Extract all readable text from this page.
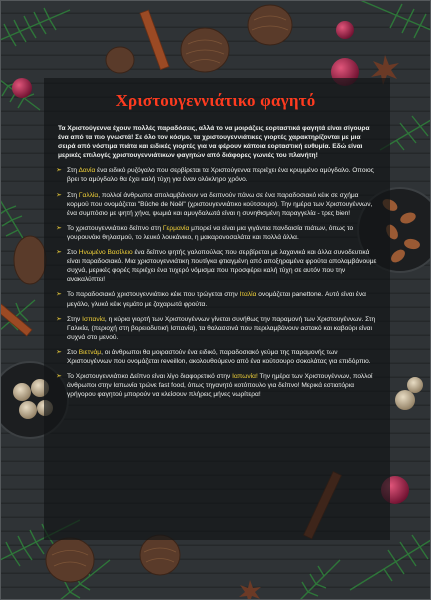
Χριστουγεννιάτικο φαγητό
Τα Χριστούγεννα έχουν πολλές παραδόσεις, αλλά το να μοιράζεις εορταστικά φαγητά είναι σίγουρα ένα από τα πιο γνωστά! Σε όλο τον κόσμο, τα χριστουγεννιάτικες γιορτές χαρακτηρίζονται με μια σειρά από νόστιμα πιάτα και ειδικές γιορτές για να φέρουν κάποια εορταστική ευθυμία. Εδώ είναι μερικές επιλογές χριστουγεννιάτικων φαγητών από διάφορες γωνιές του πλανήτη!
➣ Στη Δανία ένα ειδικό ρυζόγαλο που σερβίρεται τα Χριστούγεννα περιέχει ένα κρυμμένο αμύγδαλο. Οποιος βρει το αμύγδαλο θα έχει καλή τύχη για έναν ολόκληρο χρόνο.
➣ Στη Γαλλία, πολλοί άνθρωποι απολαμβάνουν να δειπνούν πάνω σε ένα παραδοσιακό κέικ σε σχήμα κορμού που ονομάζεται "Bûche de Noël" (χριστουγεννιάτικο κούτσουρο). Την ημέρα των Χριστουγέννων, ένα συμπόσιο με ψητή χήνα, ψωμιά και αμυγδαλωτά είναι η συνηθισμένη παραγγελία - τρες bien!
➣ Το χριστουγεννιάτικο δείπνο στη Γερμανία μπορεί να είναι μια γιγάντια πανδαισία πιάτων, όπως το γουρουνάκι θηλασμού, το λευκό λουκάνικο, η μακαρονοσαλάτα και πολλά άλλα.
➣ Στο Ηνωμένο Βασίλειο ένα δείπνο ψητής γαλοπούλας που σερβίρεται με λαχανικά και άλλα συνοδευτικά είναι παραδοσιακό. Μια χριστουγεννιάτικη πουτίγκα φτιαγμένη από αποξηραμένα φρούτα απολαμβάνουμε συχνά, μερικές φορές περιέχει ένα τυχερό νόμισμα που προσφέρει καλή τύχη σε αυτόν που την ανακαλύπτει!
➣ Το παραδοσιακό χριστουγεννιάτικο κέικ που τρώγεται στην Ιταλία ονομάζεται panettone. Αυτό είναι ένα μεγάλο, γλυκό κέικ γεμάτο με ζαχαρωτά φρούτα.
➣ Στην Ισπανία, η κύρια γιορτή των Χριστουγέννων γίνεται συνήθως την παραμονή των Χριστουγέννων. Στη Γαλικία, (περιοχή στη βορειοδυτική Ισπανία), τα θαλασσινά που περιλαμβάνουν αστακό και καβούρι είναι συχνά στο μενού.
➣ Στο Βιετνάμ, οι άνθρωποι θα μοιραστούν ένα ειδικό, παραδοσιακό γεύμα της παραμονής των Χριστουγέννων που ονομάζεται reveillon, ακολουθούμενο από ένα κούτσουρο σοκολάτας για επιδόρπιο.
➣ Το Χριστουγεννιάτικο Δείπνο είναι λίγο διαφορετικό στην Ιαπωνία! Την ημέρα των Χριστουγέννων, πολλοί άνθρωποι στην Ιαπωνία τρώνε fast food, όπως τηγανητό κοτόπουλο για δείπνο! Μερικά εστιατόρια γρήγορου φαγητού μπορούν να κλείσουν πλήρεις μήνες νωρίτερα!
